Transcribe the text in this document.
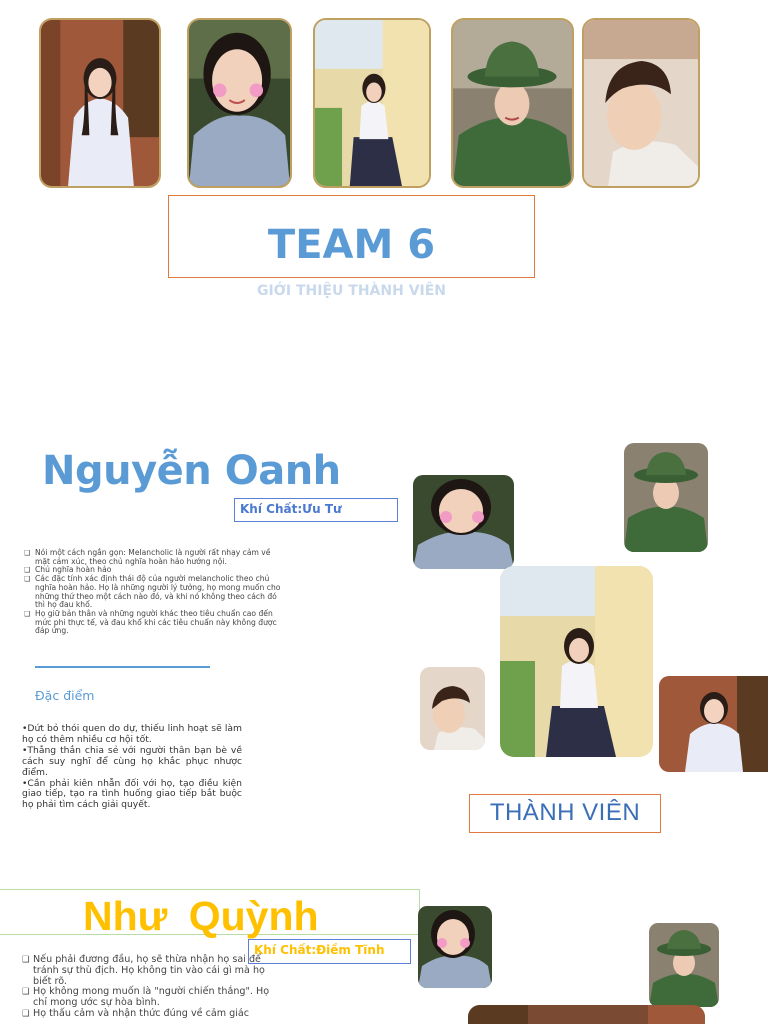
TEAM 6
GIỚI THIỆU THÀNH VIÊN
Nguyễn Oanh
Khí Chất:Ưu Tư
❑ Nói một cách ngắn gọn: Melancholic là người rất nhạy cảm về mặt cảm xúc, theo chủ nghĩa hoàn hảo hướng nội.
❑ Chủ nghĩa hoàn hảo
❑ Các đặc tính xác định thái độ của người melancholic theo chủ nghĩa hoàn hảo. Họ là những người lý tưởng, họ mong muốn cho những thứ theo một cách nào đó, và khi nó không theo cách đó thì họ đau khổ.
❑ Họ giữ bản thân và những người khác theo tiêu chuẩn cao đến mức phi thực tế, và đau khổ khi các tiêu chuẩn này không được đáp ứng.
Đặc điểm

•Dứt bỏ thói quen do dự, thiếu linh hoạt sẽ làm họ có thêm nhiều cơ hội tốt.

•Thẳng thắn chia sẻ với người thân bạn bè về cách suy nghĩ để cùng họ khắc phục nhược điểm.

•Cần phải kiên nhẫn đối với họ, tạo điều kiện giao tiếp, tạo ra tình huống giao tiếp bắt buộc họ phải tìm cách giải quyết.	THÀNH VIÊN
Như Quỳnh
Khí Chất:Điềm Tĩnh
❑ Nếu phải đương đầu, họ sẽ thừa nhận họ sai để tránh sự thù địch. Họ không tin vào cái gì mà họ biết rõ.
❑ Họ không mong muốn là "người chiến thắng". Họ chỉ mong ước sự hòa bình.
❑ Họ thấu cảm và nhận thức đúng về cảm giác
